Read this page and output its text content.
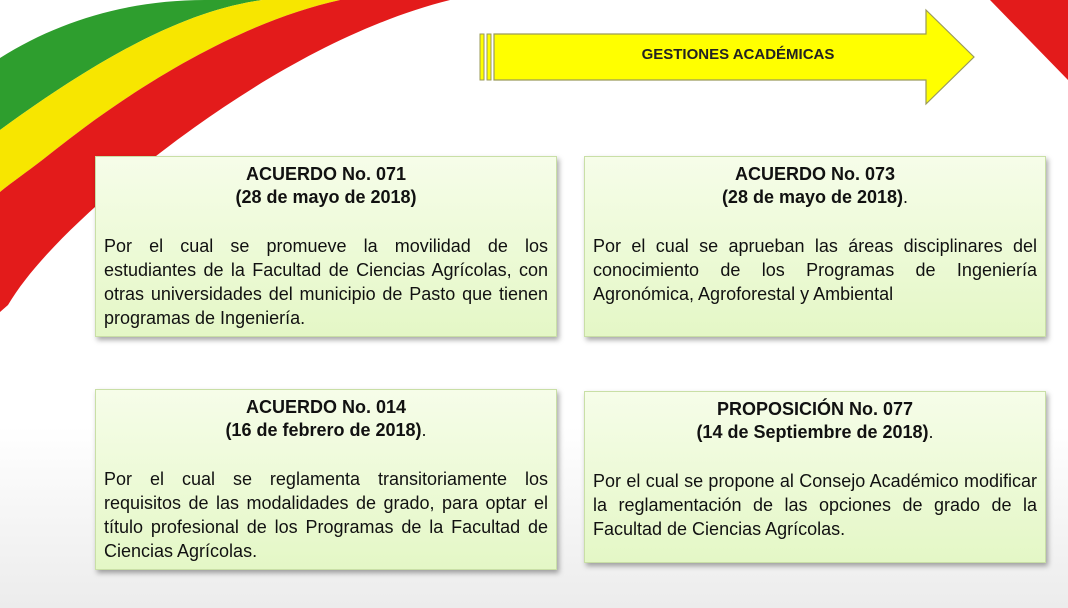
GESTIONES ACADÉMICAS

ACUERDO No. 071

(28 de mayo de 2018)

Por el cual se promueve la movilidad de los estudiantes de la Facultad de Ciencias Agrícolas, con otras universidades del municipio de Pasto que tienen programas de Ingeniería.

ACUERDO No. 073

(28 de mayo de 2018).

Por el cual se aprueban las áreas disciplinares del conocimiento de los Programas de Ingeniería Agronómica, Agroforestal y Ambiental

ACUERDO No. 014

(16 de febrero de 2018).

Por el cual se reglamenta transitoriamente los requisitos de las modalidades de grado, para optar el título profesional de los Programas de la Facultad de Ciencias Agrícolas.

PROPOSICIÓN No. 077

(14 de Septiembre de 2018).

Por el cual se propone al Consejo Académico modificar la reglamentación de las opciones de grado de la Facultad de Ciencias Agrícolas.
